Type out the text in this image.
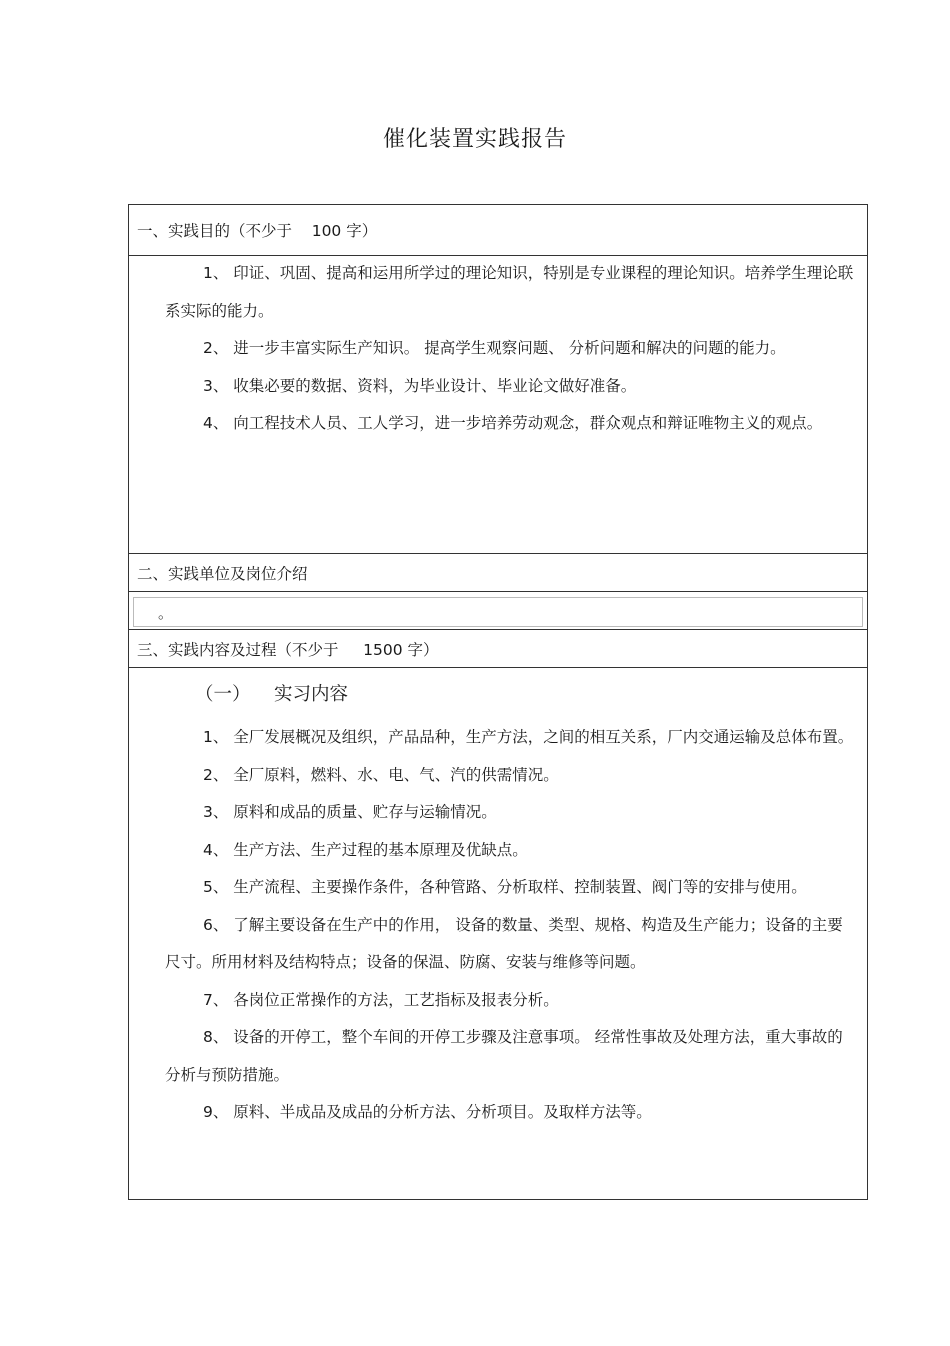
催化装置实践报告
一、实践目的（不少于    100 字）

1、 印证、巩固、提高和运用所学过的理论知识，特别是专业课程的理论知识。培养学生理论联系实际的能力。

2、 进一步丰富实际生产知识。 提高学生观察问题、 分析问题和解决的问题的能力。

3、 收集必要的数据、资料，为毕业设计、毕业论文做好准备。

4、 向工程技术人员、工人学习，进一步培养劳动观念，群众观点和辩证唯物主义的观点。

二、实践单位及岗位介绍
。
三、实践内容及过程（不少于     1500 字）
（一）    实习内容

1、 全厂发展概况及组织，产品品种，生产方法，之间的相互关系，厂内交通运输及总体布置。

2、 全厂原料，燃料、水、电、气、汽的供需情况。

3、 原料和成品的质量、贮存与运输情况。

4、 生产方法、生产过程的基本原理及优缺点。

5、 生产流程、主要操作条件，各种管路、分析取样、控制装置、阀门等的安排与使用。

6、 了解主要设备在生产中的作用， 设备的数量、类型、规格、构造及生产能力；设备的主要尺寸。所用材料及结构特点；设备的保温、防腐、安装与维修等问题。

7、 各岗位正常操作的方法，工艺指标及报表分析。

8、 设备的开停工，整个车间的开停工步骤及注意事项。 经常性事故及处理方法，重大事故的分析与预防措施。

9、 原料、半成品及成品的分析方法、分析项目。及取样方法等。
